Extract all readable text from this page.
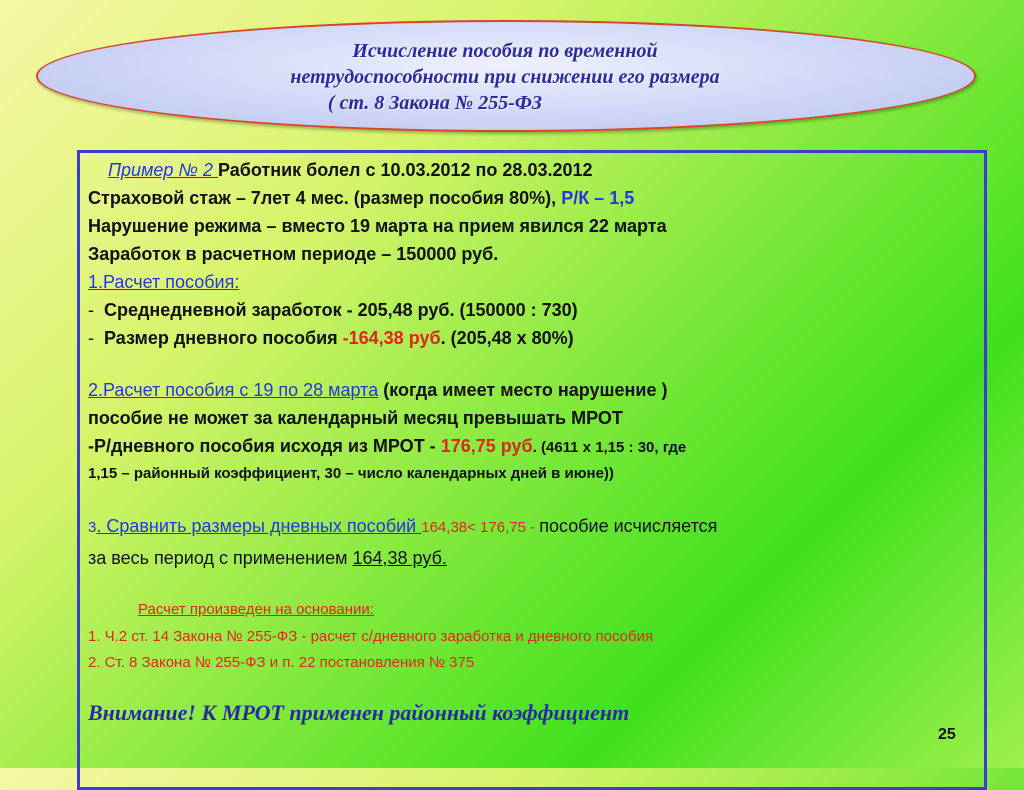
Исчисление пособия по временной
нетрудоспособности при снижении его размера
( ст. 8 Закона № 255-ФЗ
Пример № 2 Работник болел с 10.03.2012 по 28.03.2012
Страховой стаж – 7лет 4 мес. (размер пособия 80%), Р/К – 1,5
Нарушение режима – вместо 19 марта на прием явился 22 марта
Заработок в расчетном периоде – 150000 руб.
1.Расчет пособия:
-  Среднедневной заработок - 205,48 руб. (150000 : 730)
-  Размер дневного пособия -164,38 руб. (205,48 х 80%)
2.Расчет пособия с 19 по 28 марта (когда имеет место нарушение )
пособие не может за календарный месяц превышать МРОТ
-Р/дневного пособия исходя из МРОТ - 176,75 руб. (4611 х 1,15 : 30, где
1,15 – районный коэффициент, 30 – число календарных дней в июне))
3. Сравнить размеры дневных пособий 164,38< 176,75 - пособие исчисляется
за весь период с применением 164,38 руб.
Расчет произведен на основании:
1. Ч.2 ст. 14 Закона № 255-ФЗ - расчет с/дневного заработка и дневного пособия
2. Ст. 8 Закона № 255-ФЗ и п. 22 постановления № 375
Внимание! К МРОТ применен районный коэффициент
25
